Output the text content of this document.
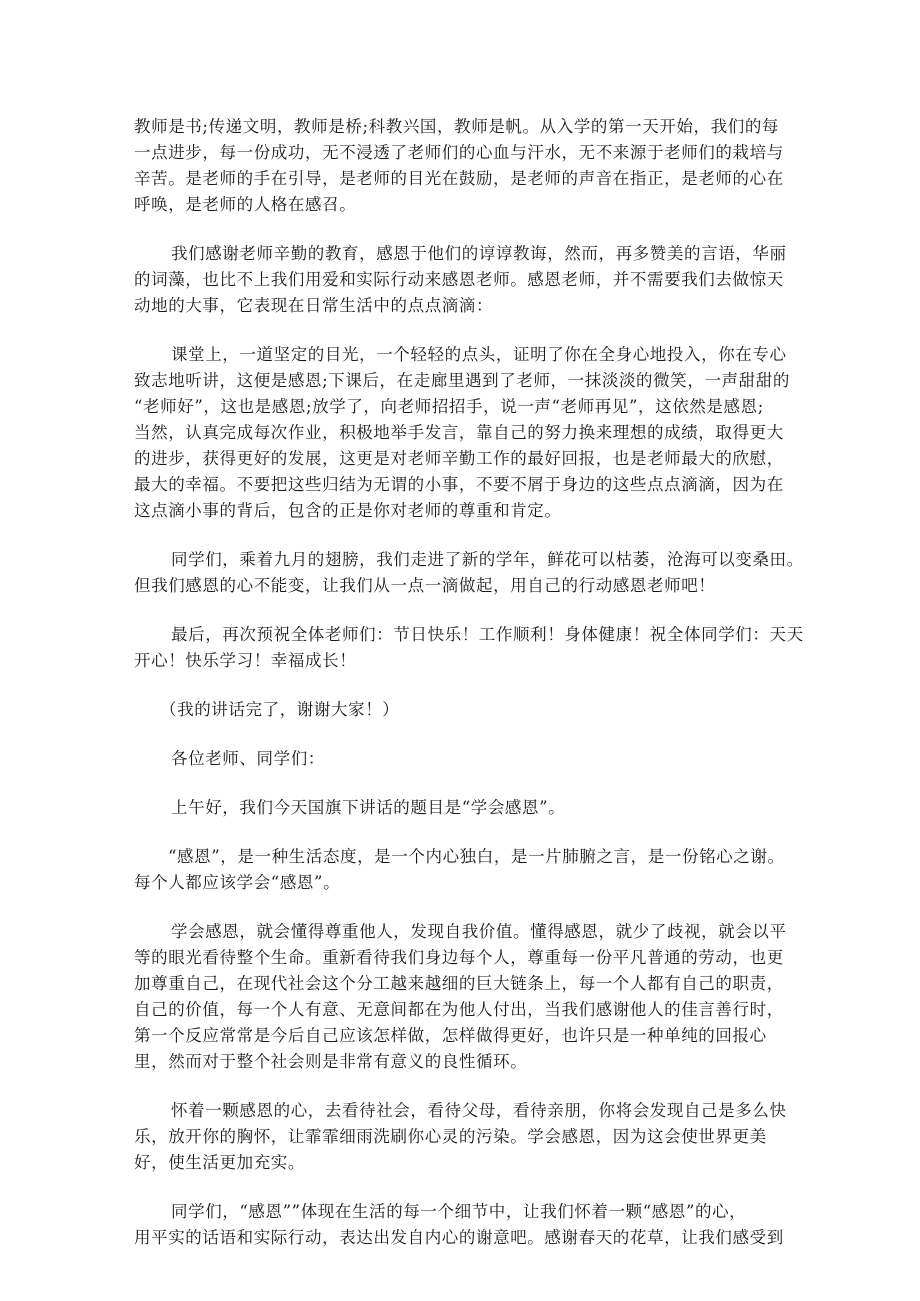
教师是书;传递文明，教师是桥;科教兴国，教师是帆。从入学的第一天开始，我们的每
一点进步，每一份成功，无不浸透了老师们的心血与汗水，无不来源于老师们的栽培与
辛苦。是老师的手在引导，是老师的目光在鼓励，是老师的声音在指正，是老师的心在
呼唤，是老师的人格在感召。
我们感谢老师辛勤的教育，感恩于他们的谆谆教诲，然而，再多赞美的言语，华丽
的词藻，也比不上我们用爱和实际行动来感恩老师。感恩老师，并不需要我们去做惊天
动地的大事，它表现在日常生活中的点点滴滴：
课堂上，一道坚定的目光，一个轻轻的点头，证明了你在全身心地投入，你在专心
致志地听讲，这便是感恩;下课后，在走廊里遇到了老师，一抹淡淡的微笑，一声甜甜的
“老师好”，这也是感恩;放学了，向老师招招手，说一声“老师再见”，这依然是感恩;
当然，认真完成每次作业，积极地举手发言，靠自己的努力换来理想的成绩，取得更大
的进步，获得更好的发展，这更是对老师辛勤工作的最好回报，也是老师最大的欣慰，
最大的幸福。不要把这些归结为无谓的小事，不要不屑于身边的这些点点滴滴，因为在
这点滴小事的背后，包含的正是你对老师的尊重和肯定。
同学们，乘着九月的翅膀，我们走进了新的学年，鲜花可以枯萎，沧海可以变桑田。
但我们感恩的心不能变，让我们从一点一滴做起，用自己的行动感恩老师吧！
最后，再次预祝全体老师们：节日快乐！工作顺利！身体健康！祝全体同学们：天天
开心！快乐学习！幸福成长！
（我的讲话完了，谢谢大家！）
各位老师、同学们：
上午好，我们今天国旗下讲话的题目是“学会感恩”。
“感恩”，是一种生活态度，是一个内心独白，是一片肺腑之言，是一份铭心之谢。
每个人都应该学会“感恩”。
学会感恩，就会懂得尊重他人，发现自我价值。懂得感恩，就少了歧视，就会以平
等的眼光看待整个生命。重新看待我们身边每个人，尊重每一份平凡普通的劳动，也更
加尊重自己，在现代社会这个分工越来越细的巨大链条上，每一个人都有自己的职责，
自己的价值，每一个人有意、无意间都在为他人付出，当我们感谢他人的佳言善行时，
第一个反应常常是今后自己应该怎样做，怎样做得更好，也许只是一种单纯的回报心
里，然而对于整个社会则是非常有意义的良性循环。
怀着一颗感恩的心，去看待社会，看待父母，看待亲朋，你将会发现自己是多么快
乐，放开你的胸怀，让霏霏细雨洗刷你心灵的污染。学会感恩，因为这会使世界更美
好，使生活更加充实。
同学们，“感恩””体现在生活的每一个细节中，让我们怀着一颗“感恩”的心，
用平实的话语和实际行动，表达出发自内心的谢意吧。感谢春天的花草，让我们感受到
